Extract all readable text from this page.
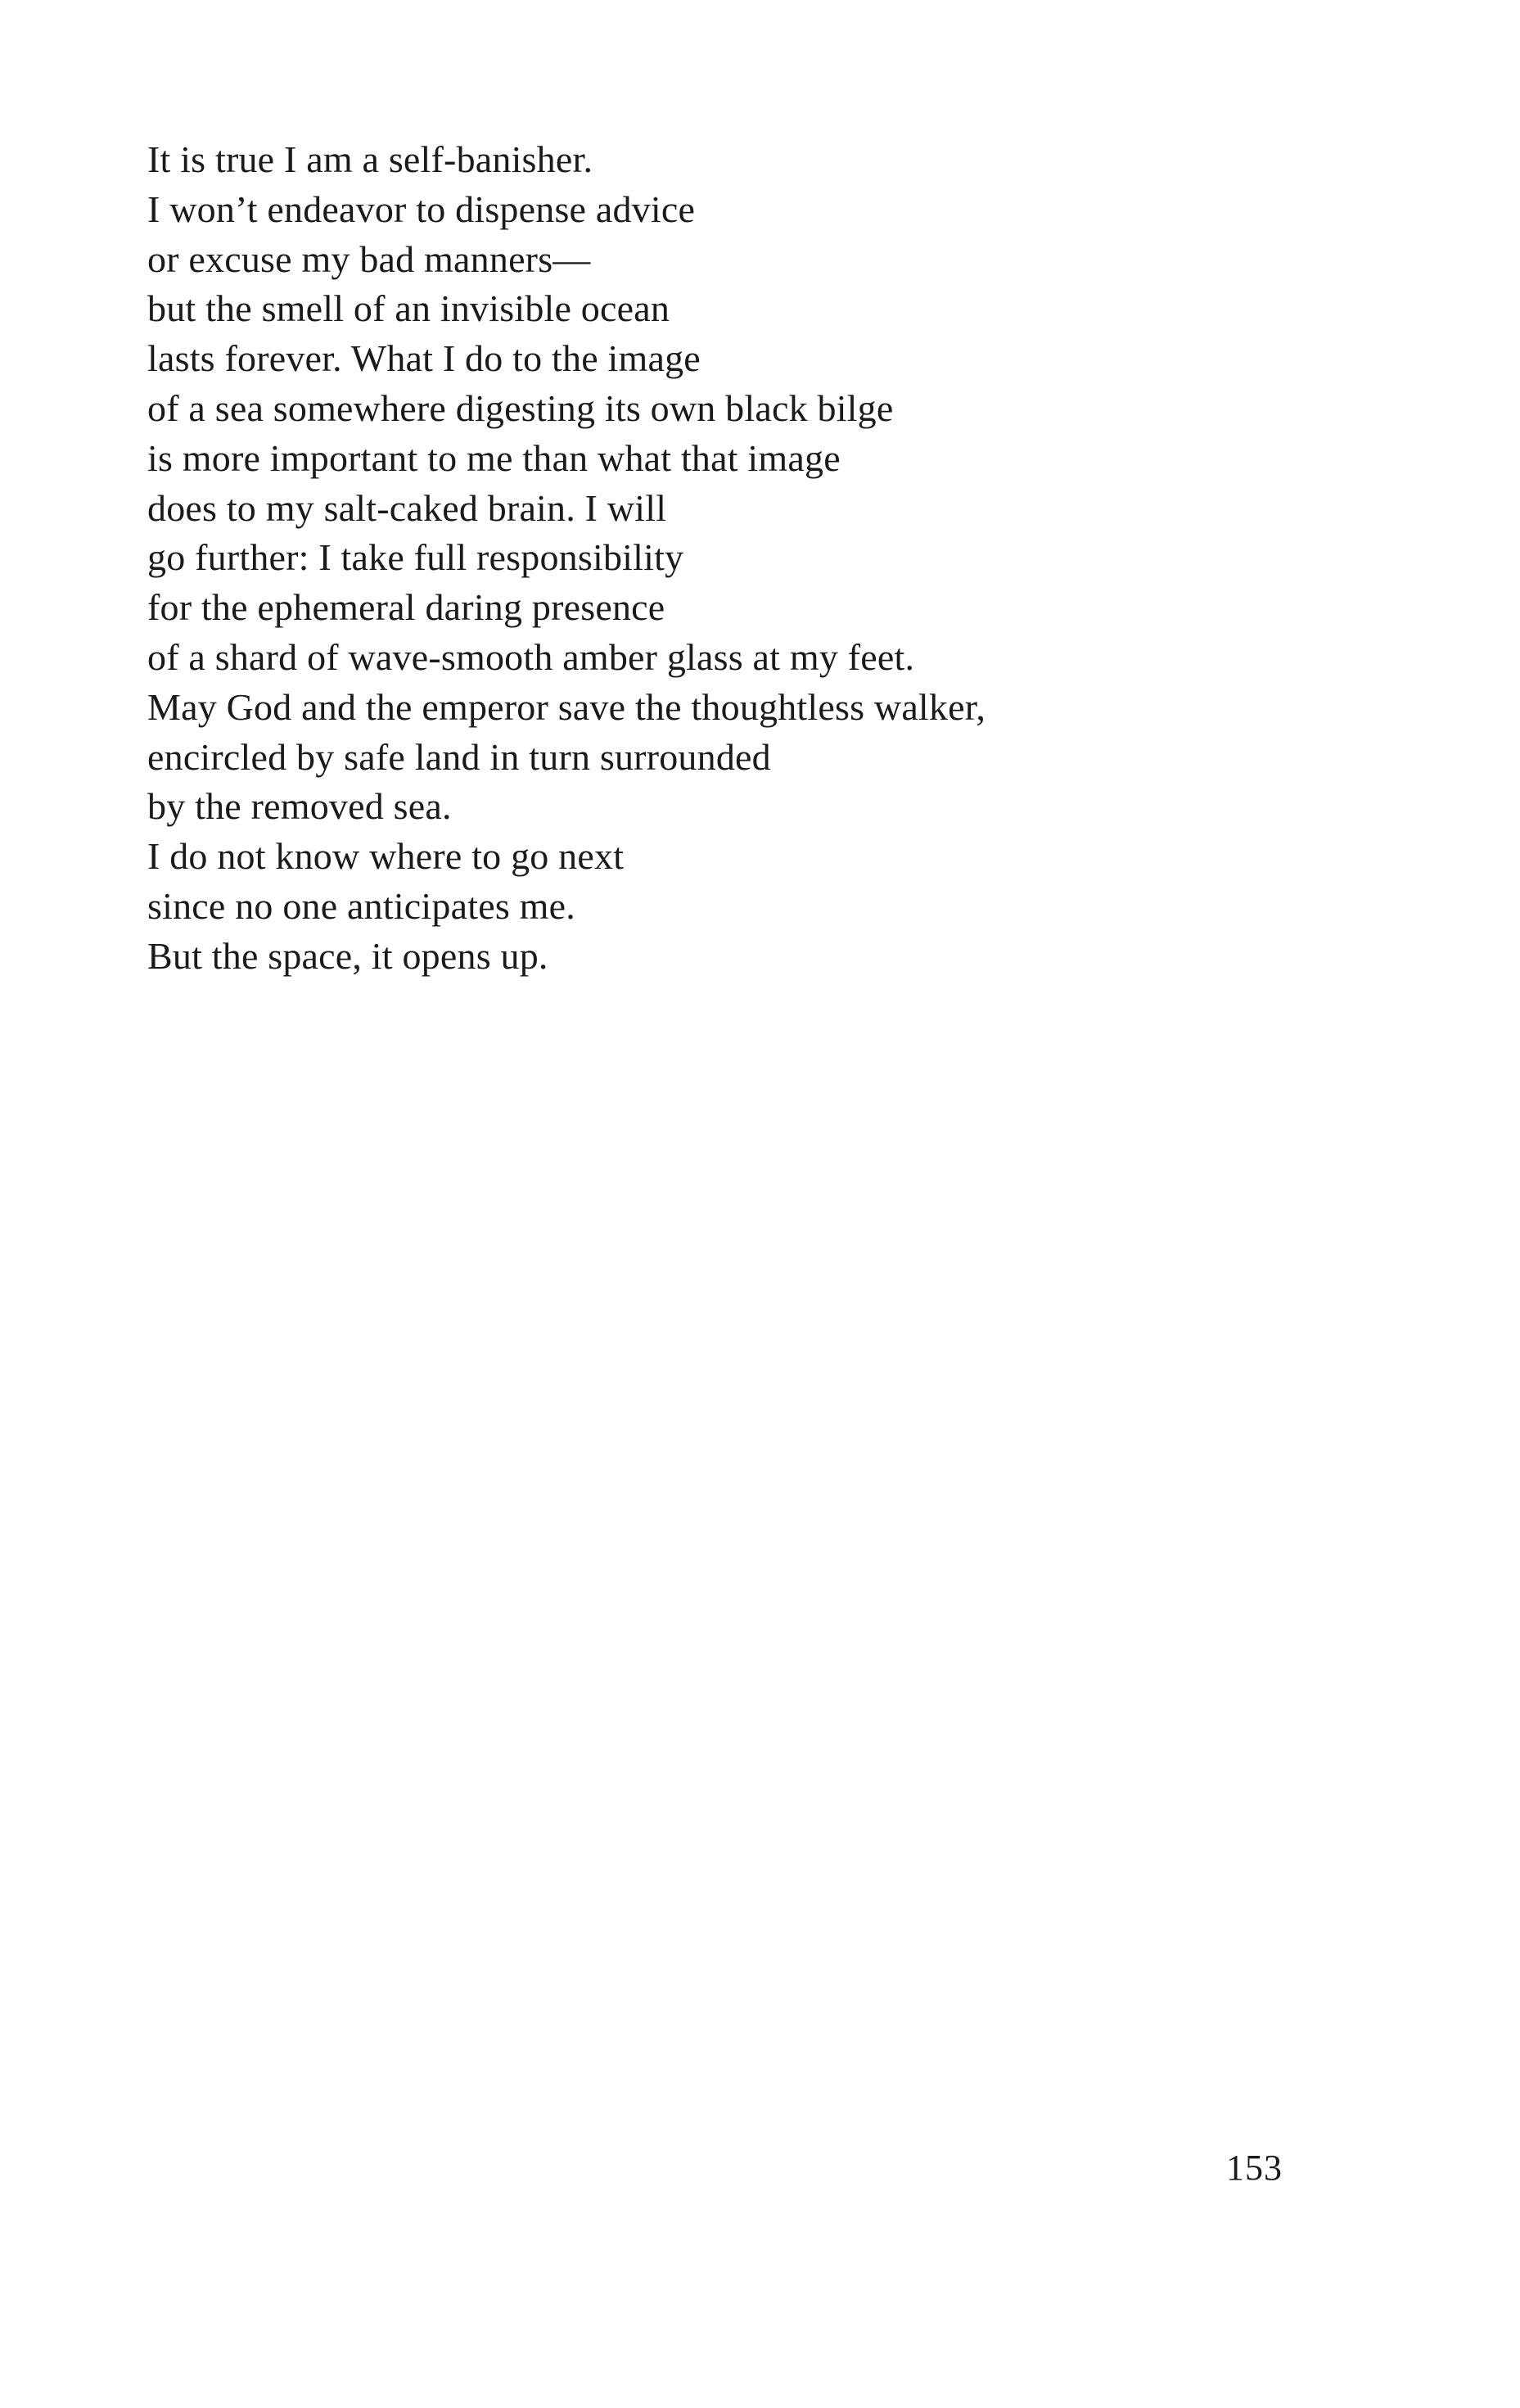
It is true I am a self-banisher.
I won’t endeavor to dispense advice
or excuse my bad manners—
but the smell of an invisible ocean
lasts forever. What I do to the image
of a sea somewhere digesting its own black bilge
is more important to me than what that image
does to my salt-caked brain. I will
go further: I take full responsibility
for the ephemeral daring presence
of a shard of wave-smooth amber glass at my feet.
May God and the emperor save the thoughtless walker,
encircled by safe land in turn surrounded
by the removed sea.
I do not know where to go next
since no one anticipates me.
But the space, it opens up.
153
